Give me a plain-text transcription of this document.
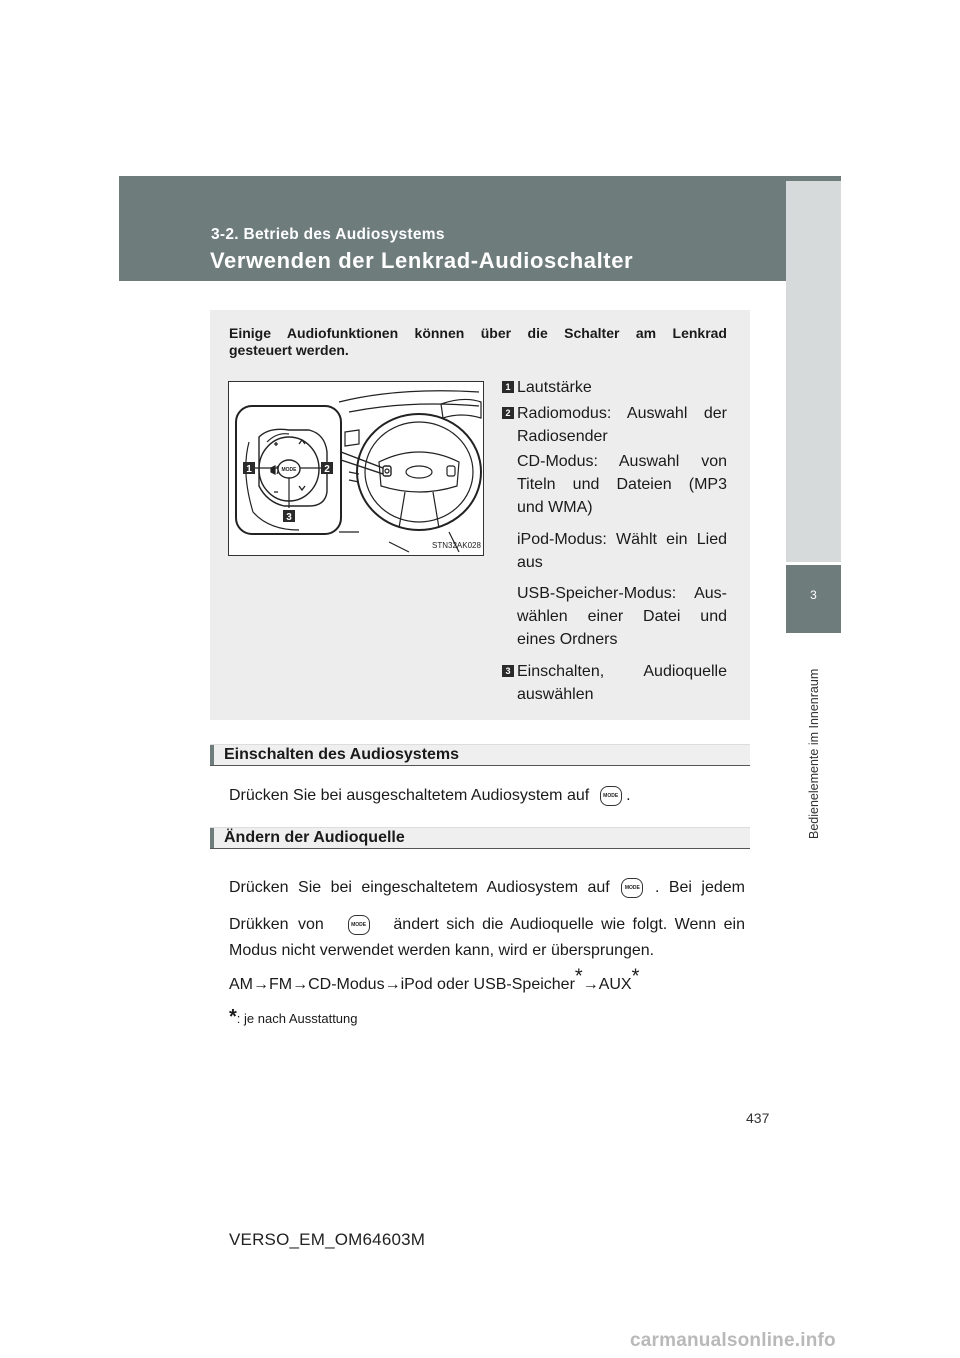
3-2. Betrieb des Audiosystems
Verwenden der Lenkrad-Audioschalter
3
Bedienelemente im Innenraum
Einige Audiofunktionen können über die Schalter am Lenkrad
gesteuert werden.
MODE
1	2
3
STN32AK028
1 Lautstärke
2 Radiomodus: Auswahl der
Radiosender
CD-Modus: Auswahl von
Titeln und Dateien (MP3
und WMA)
iPod-Modus: Wählt ein Lied
aus
USB-Speicher-Modus: Aus-
wählen einer Datei und
eines Ordners
3 Einschalten, Audioquelle
auswählen
Einschalten des Audiosystems
Drücken Sie bei ausgeschaltetem Audiosystem auf	MODE .
Ändern der Audioquelle
Drücken Sie bei eingeschaltetem Audiosystem auf	MODE . Bei jedem
Drükken von	MODE ändert sich die Audioquelle wie folgt. Wenn ein
Modus nicht verwendet werden kann, wird er übersprungen.
AM→FM→CD-Modus→iPod oder USB-Speicher*→AUX*
*: je nach Ausstattung
437
VERSO_EM_OM64603M
carmanualsonline.info
